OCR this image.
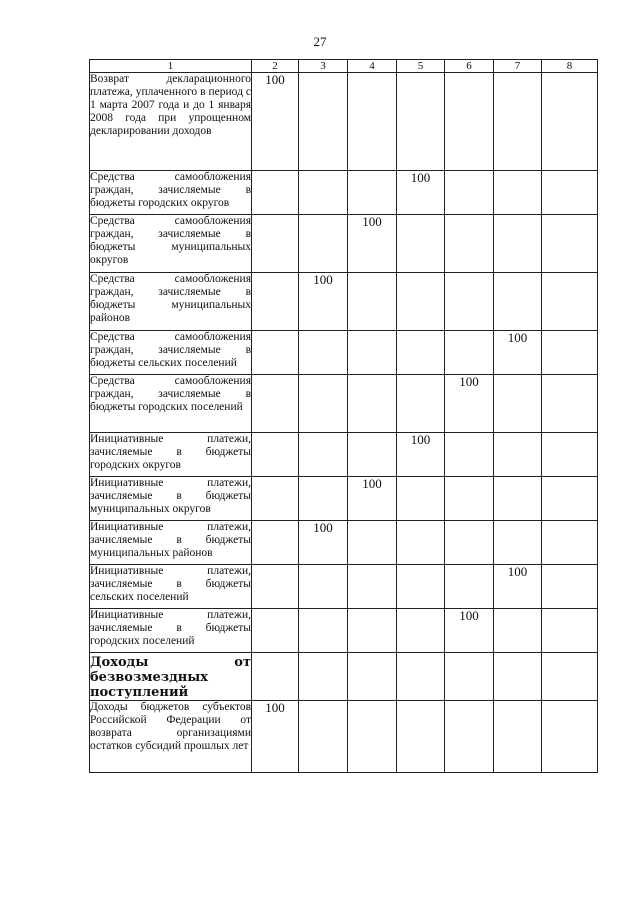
27
1	2	3	4	5	6	7	8
Возврат декларационного платежа, уплаченного в период с 1 марта 2007 года и до 1 января 2008 года при упрощенном декларировании доходов	100						
Средства самообложения граждан, зачисляемые в бюджеты городских округов				100			
Средства самообложения граждан, зачисляемые в бюджеты муниципальных округов			100				
Средства самообложения граждан, зачисляемые в бюджеты муниципальных районов		100					
Средства самообложения граждан, зачисляемые в бюджеты сельских поселений						100	
Средства самообложения граждан, зачисляемые в бюджеты городских поселений					100		
Инициативные платежи, зачисляемые в бюджеты городских округов				100			
Инициативные платежи, зачисляемые в бюджеты муниципальных округов			100				
Инициативные платежи, зачисляемые в бюджеты муниципальных районов		100					
Инициативные платежи, зачисляемые в бюджеты сельских поселений						100	
Инициативные платежи, зачисляемые в бюджеты городских поселений					100		
Доходы от безвозмездных поступлений							
Доходы бюджетов субъектов Российской Федерации от возврата организациями остатков субсидий прошлых лет	100						
